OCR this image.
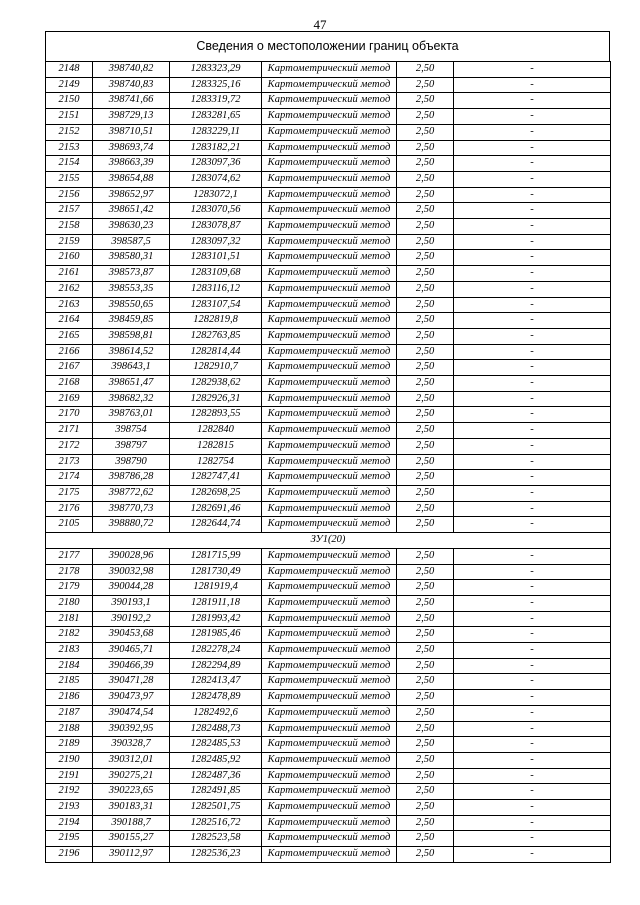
47
Сведения о местоположении границ объекта
2148	398740,82	1283323,29	Картометрический метод	2,50	-
2149	398740,83	1283325,16	Картометрический метод	2,50	-
2150	398741,66	1283319,72	Картометрический метод	2,50	-
2151	398729,13	1283281,65	Картометрический метод	2,50	-
2152	398710,51	1283229,11	Картометрический метод	2,50	-
2153	398693,74	1283182,21	Картометрический метод	2,50	-
2154	398663,39	1283097,36	Картометрический метод	2,50	-
2155	398654,88	1283074,62	Картометрический метод	2,50	-
2156	398652,97	1283072,1	Картометрический метод	2,50	-
2157	398651,42	1283070,56	Картометрический метод	2,50	-
2158	398630,23	1283078,87	Картометрический метод	2,50	-
2159	398587,5	1283097,32	Картометрический метод	2,50	-
2160	398580,31	1283101,51	Картометрический метод	2,50	-
2161	398573,87	1283109,68	Картометрический метод	2,50	-
2162	398553,35	1283116,12	Картометрический метод	2,50	-
2163	398550,65	1283107,54	Картометрический метод	2,50	-
2164	398459,85	1282819,8	Картометрический метод	2,50	-
2165	398598,81	1282763,85	Картометрический метод	2,50	-
2166	398614,52	1282814,44	Картометрический метод	2,50	-
2167	398643,1	1282910,7	Картометрический метод	2,50	-
2168	398651,47	1282938,62	Картометрический метод	2,50	-
2169	398682,32	1282926,31	Картометрический метод	2,50	-
2170	398763,01	1282893,55	Картометрический метод	2,50	-
2171	398754	1282840	Картометрический метод	2,50	-
2172	398797	1282815	Картометрический метод	2,50	-
2173	398790	1282754	Картометрический метод	2,50	-
2174	398786,28	1282747,41	Картометрический метод	2,50	-
2175	398772,62	1282698,25	Картометрический метод	2,50	-
2176	398770,73	1282691,46	Картометрический метод	2,50	-
2105	398880,72	1282644,74	Картометрический метод	2,50	-
ЗУ1(20)					
2177	390028,96	1281715,99	Картометрический метод	2,50	-
2178	390032,98	1281730,49	Картометрический метод	2,50	-
2179	390044,28	1281919,4	Картометрический метод	2,50	-
2180	390193,1	1281911,18	Картометрический метод	2,50	-
2181	390192,2	1281993,42	Картометрический метод	2,50	-
2182	390453,68	1281985,46	Картометрический метод	2,50	-
2183	390465,71	1282278,24	Картометрический метод	2,50	-
2184	390466,39	1282294,89	Картометрический метод	2,50	-
2185	390471,28	1282413,47	Картометрический метод	2,50	-
2186	390473,97	1282478,89	Картометрический метод	2,50	-
2187	390474,54	1282492,6	Картометрический метод	2,50	-
2188	390392,95	1282488,73	Картометрический метод	2,50	-
2189	390328,7	1282485,53	Картометрический метод	2,50	-
2190	390312,01	1282485,92	Картометрический метод	2,50	-
2191	390275,21	1282487,36	Картометрический метод	2,50	-
2192	390223,65	1282491,85	Картометрический метод	2,50	-
2193	390183,31	1282501,75	Картометрический метод	2,50	-
2194	390188,7	1282516,72	Картометрический метод	2,50	-
2195	390155,27	1282523,58	Картометрический метод	2,50	-
2196	390112,97	1282536,23	Картометрический метод	2,50	-
